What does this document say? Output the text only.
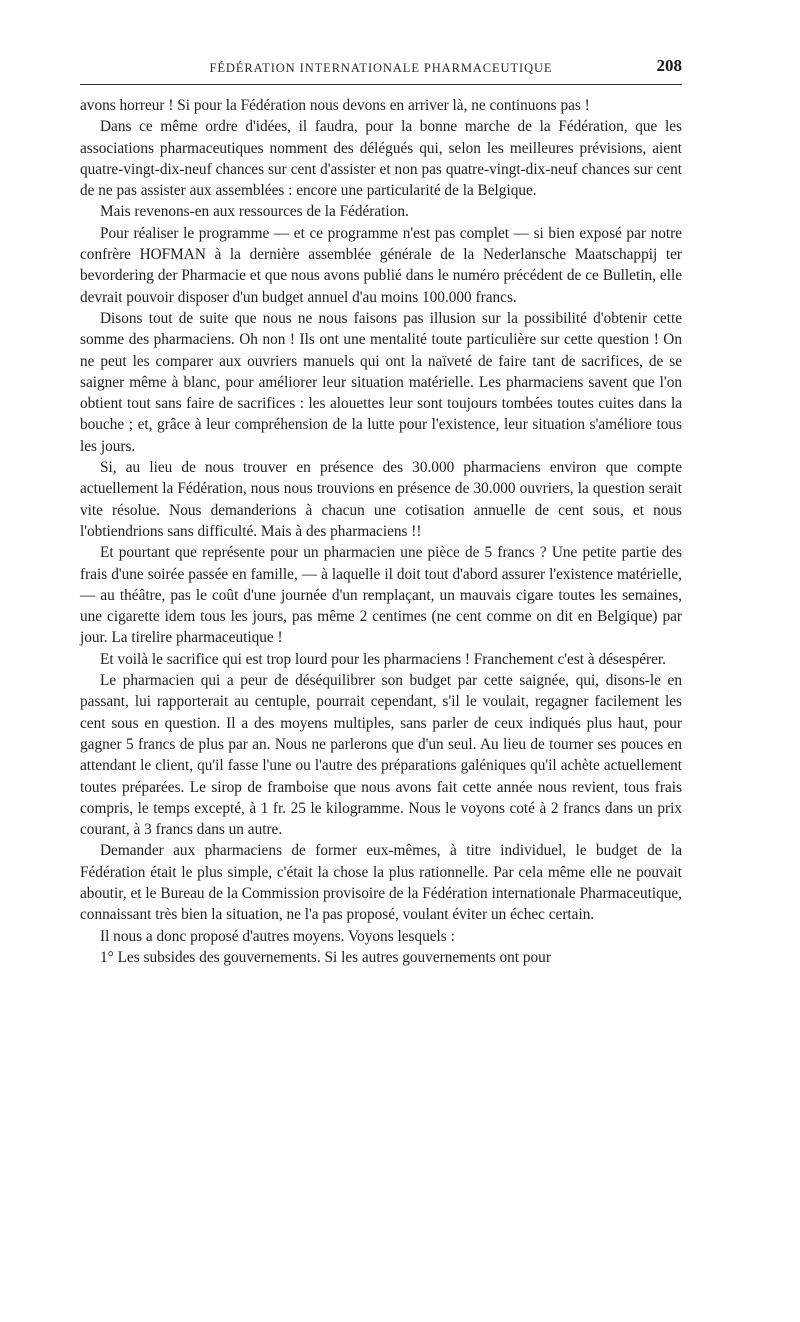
FÉDÉRATION INTERNATIONALE PHARMACEUTIQUE	208

avons horreur ! Si pour la Fédération nous devons en arriver là, ne continuons pas !

Dans ce même ordre d'idées, il faudra, pour la bonne marche de la Fédération, que les associations pharmaceutiques nomment des délégués qui, selon les meilleures prévisions, aient quatre-vingt-dix-neuf chances sur cent d'assister et non pas quatre-vingt-dix-neuf chances sur cent de ne pas assister aux assemblées : encore une particularité de la Belgique.

Mais revenons-en aux ressources de la Fédération.

Pour réaliser le programme — et ce programme n'est pas complet — si bien exposé par notre confrère HOFMAN à la dernière assemblée générale de la Nederlansche Maatschappij ter bevordering der Pharmacie et que nous avons publié dans le numéro précédent de ce Bulletin, elle devrait pouvoir disposer d'un budget annuel d'au moins 100.000 francs.

Disons tout de suite que nous ne nous faisons pas illusion sur la possibilité d'obtenir cette somme des pharmaciens. Oh non ! Ils ont une mentalité toute particulière sur cette question ! On ne peut les comparer aux ouvriers manuels qui ont la naïveté de faire tant de sacrifices, de se saigner même à blanc, pour améliorer leur situation matérielle. Les pharmaciens savent que l'on obtient tout sans faire de sacrifices : les alouettes leur sont toujours tombées toutes cuites dans la bouche ; et, grâce à leur compréhension de la lutte pour l'existence, leur situation s'améliore tous les jours.

Si, au lieu de nous trouver en présence des 30.000 pharmaciens environ que compte actuellement la Fédération, nous nous trouvions en présence de 30.000 ouvriers, la question serait vite résolue. Nous demanderions à chacun une cotisation annuelle de cent sous, et nous l'obtiendrions sans difficulté. Mais à des pharmaciens !!

Et pourtant que représente pour un pharmacien une pièce de 5 francs ? Une petite partie des frais d'une soirée passée en famille, — à laquelle il doit tout d'abord assurer l'existence matérielle, — au théâtre, pas le coût d'une journée d'un remplaçant, un mauvais cigare toutes les semaines, une cigarette idem tous les jours, pas même 2 centimes (ne cent comme on dit en Belgique) par jour. La tirelire pharmaceutique !

Et voilà le sacrifice qui est trop lourd pour les pharmaciens ! Franchement c'est à désespérer.

Le pharmacien qui a peur de déséquilibrer son budget par cette saignée, qui, disons-le en passant, lui rapporterait au centuple, pourrait cependant, s'il le voulait, regagner facilement les cent sous en question. Il a des moyens multiples, sans parler de ceux indiqués plus haut, pour gagner 5 francs de plus par an. Nous ne parlerons que d'un seul. Au lieu de tourner ses pouces en attendant le client, qu'il fasse l'une ou l'autre des préparations galéniques qu'il achète actuellement toutes préparées. Le sirop de framboise que nous avons fait cette année nous revient, tous frais compris, le temps excepté, à 1 fr. 25 le kilogramme. Nous le voyons coté à 2 francs dans un prix courant, à 3 francs dans un autre.

Demander aux pharmaciens de former eux-mêmes, à titre individuel, le budget de la Fédération était le plus simple, c'était la chose la plus rationnelle. Par cela même elle ne pouvait aboutir, et le Bureau de la Commission provisoire de la Fédération internationale Pharmaceutique, connaissant très bien la situation, ne l'a pas proposé, voulant éviter un échec certain.

Il nous a donc proposé d'autres moyens. Voyons lesquels :

1° Les subsides des gouvernements. Si les autres gouvernements ont pour
